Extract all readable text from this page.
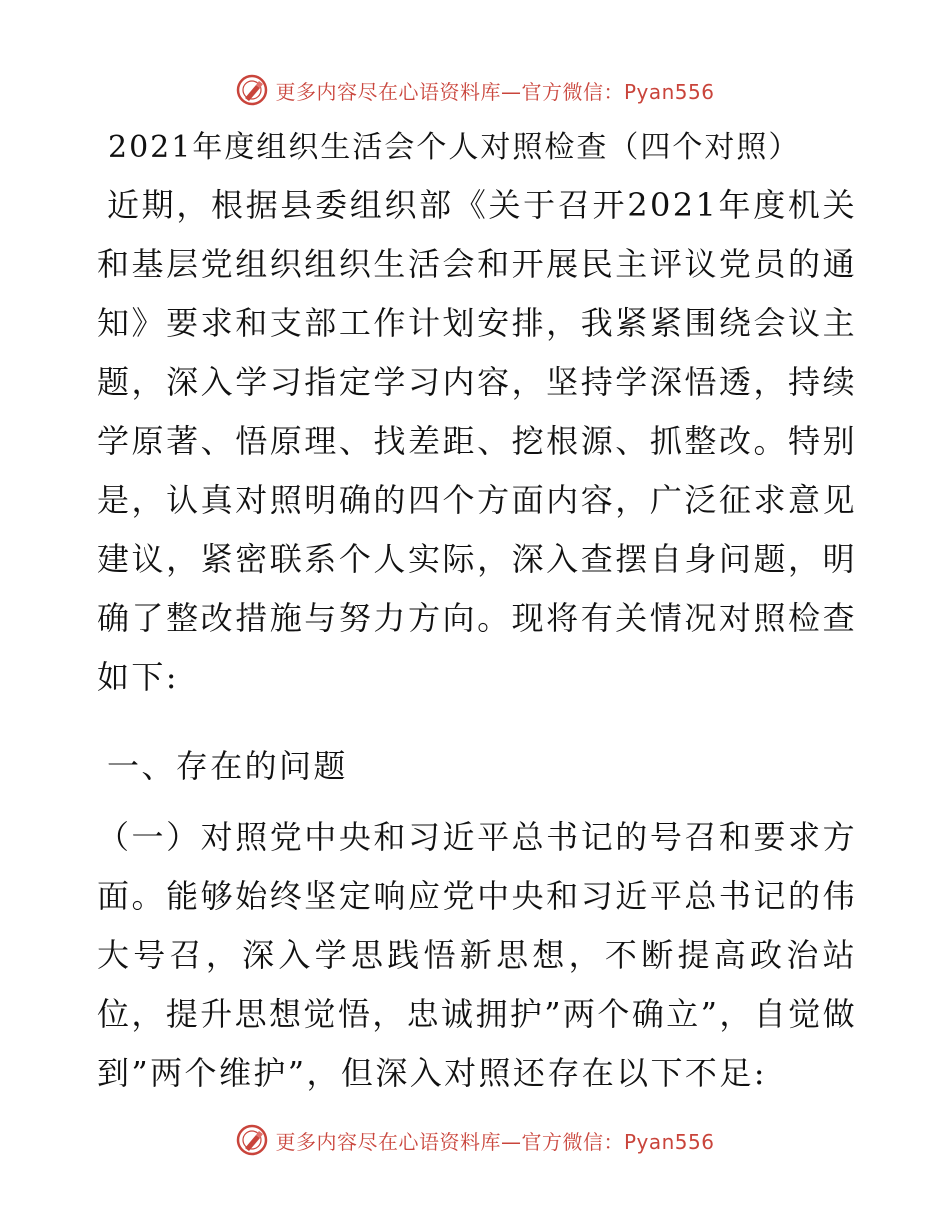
更多内容尽在心语资料库—官方微信：Pyan556
2021年度组织生活会个人对照检查（四个对照）

近期，根据县委组织部《关于召开2021年度机关和基层党组织组织生活会和开展民主评议党员的通知》要求和支部工作计划安排，我紧紧围绕会议主题，深入学习指定学习内容，坚持学深悟透，持续学原著、悟原理、找差距、挖根源、抓整改。特别是，认真对照明确的四个方面内容，广泛征求意见建议，紧密联系个人实际，深入查摆自身问题，明确了整改措施与努力方向。现将有关情况对照检查如下:

一、存在的问题

（一）对照党中央和习近平总书记的号召和要求方面。能够始终坚定响应党中央和习近平总书记的伟大号召，深入学思践悟新思想，不断提高政治站位，提升思想觉悟，忠诚拥护”两个确立”，自觉做到”两个维护”，但深入对照还存在以下不足:

更多内容尽在心语资料库—官方微信：Pyan556
